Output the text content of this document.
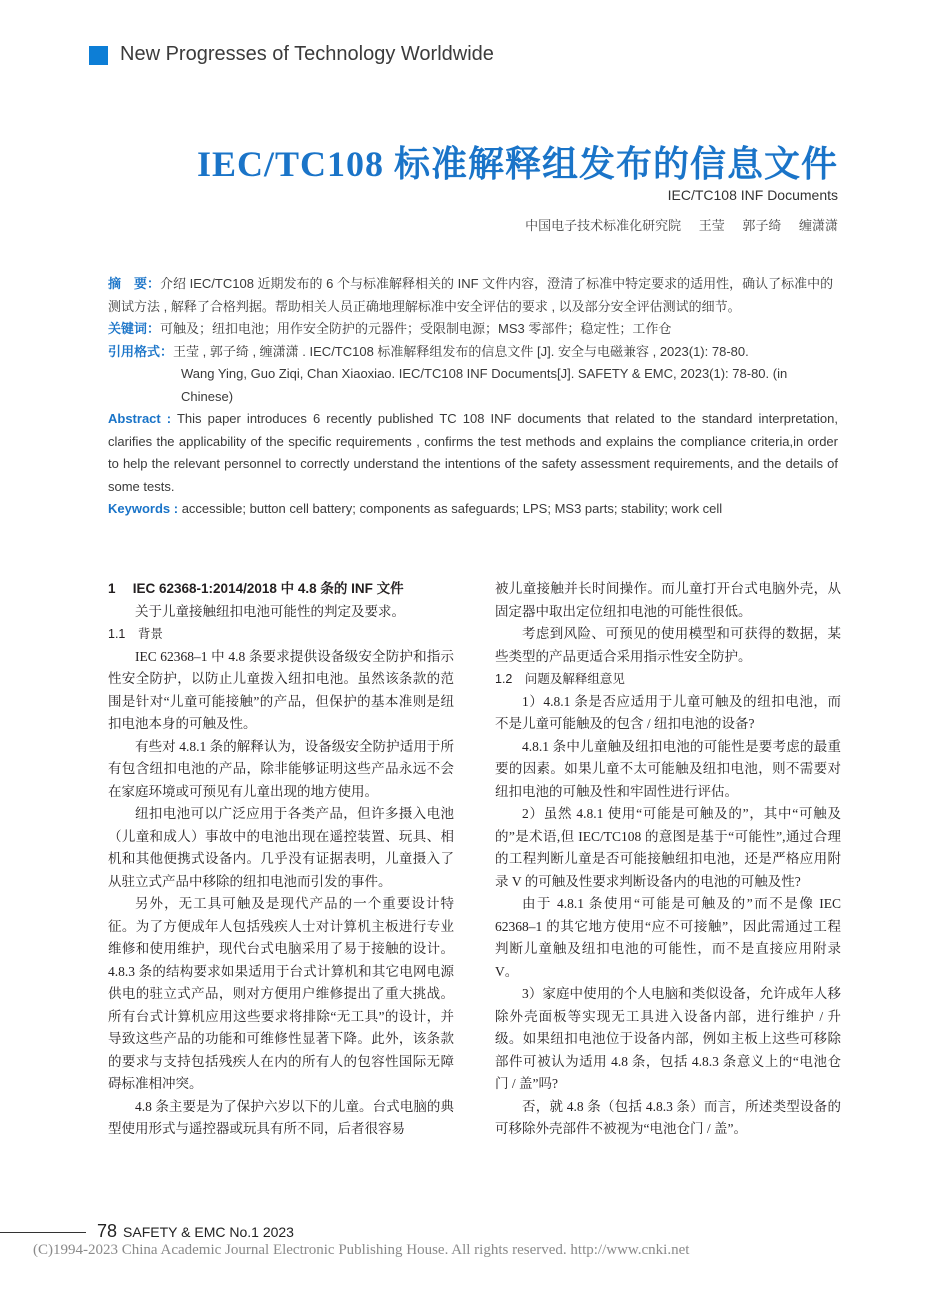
New Progresses of Technology Worldwide
IEC/TC108 标准解释组发布的信息文件
IEC/TC108 INF Documents
中国电子技术标准化研究院 王莹 郭子绮 缠潇潇

摘　要：介绍 IEC/TC108 近期发布的 6 个与标准解释相关的 INF 文件内容，澄清了标准中特定要求的适用性，确认了标准中的测试方法 , 解释了合格判据。帮助相关人员正确地理解标准中安全评估的要求 , 以及部分安全评估测试的细节。

关键词：可触及；纽扣电池；用作安全防护的元器件；受限制电源；MS3 零部件；稳定性；工作仓

引用格式：王莹 , 郭子绮 , 缠潇潇 . IEC/TC108 标准解释组发布的信息文件 [J]. 安全与电磁兼容 , 2023(1): 78-80.

Wang Ying, Guo Ziqi, Chan Xiaoxiao. IEC/TC108 INF Documents[J]. SAFETY & EMC, 2023(1): 78-80. (in Chinese)

Abstract : This paper introduces 6 recently published TC 108 INF documents that related to the standard interpretation, clarifies the applicability of the specific requirements , confirms the test methods and explains the compliance criteria,in order to help the relevant personnel to correctly understand the intentions of the safety assessment requirements, and the details of some tests.

Keywords : accessible; button cell battery; components as safeguards; LPS; MS3 parts; stability; work cell

1　 IEC 62368-1:2014/2018 中 4.8 条的 INF 文件

关于儿童接触纽扣电池可能性的判定及要求。

1.1　背景

IEC 62368–1 中 4.8 条要求提供设备级安全防护和指示性安全防护，以防止儿童拨入纽扣电池。虽然该条款的范围是针对“儿童可能接触”的产品，但保护的基本准则是纽扣电池本身的可触及性。

有些对 4.8.1 条的解释认为，设备级安全防护适用于所有包含纽扣电池的产品，除非能够证明这些产品永远不会在家庭环境或可预见有儿童出现的地方使用。

纽扣电池可以广泛应用于各类产品，但许多摄入电池（儿童和成人）事故中的电池出现在遥控装置、玩具、相机和其他便携式设备内。几乎没有证据表明，儿童摄入了从驻立式产品中移除的纽扣电池而引发的事件。

另外，无工具可触及是现代产品的一个重要设计特征。为了方便成年人包括残疾人士对计算机主板进行专业维修和使用维护，现代台式电脑采用了易于接触的设计。4.8.3 条的结构要求如果适用于台式计算机和其它电网电源供电的驻立式产品，则对方便用户维修提出了重大挑战。所有台式计算机应用这些要求将排除“无工具”的设计，并导致这些产品的功能和可维修性显著下降。此外，该条款的要求与支持包括残疾人在内的所有人的包容性国际无障碍标准相冲突。

4.8 条主要是为了保护六岁以下的儿童。台式电脑的典型使用形式与遥控器或玩具有所不同，后者很容易

被儿童接触并长时间操作。而儿童打开台式电脑外壳，从固定器中取出定位纽扣电池的可能性很低。

考虑到风险、可预见的使用模型和可获得的数据，某些类型的产品更适合采用指示性安全防护。

1.2　问题及解释组意见

1）4.8.1 条是否应适用于儿童可触及的纽扣电池，而不是儿童可能触及的包含 / 纽扣电池的设备?

4.8.1 条中儿童触及纽扣电池的可能性是要考虑的最重要的因素。如果儿童不太可能触及纽扣电池，则不需要对纽扣电池的可触及性和牢固性进行评估。

2）虽然 4.8.1 使用“可能是可触及的”，其中“可触及的”是术语,但 IEC/TC108 的意图是基于“可能性”,通过合理的工程判断儿童是否可能接触纽扣电池，还是严格应用附录 V 的可触及性要求判断设备内的电池的可触及性?

由于 4.8.1 条使用“可能是可触及的”而不是像 IEC 62368–1 的其它地方使用“应不可接触”，因此需通过工程判断儿童触及纽扣电池的可能性，而不是直接应用附录 V。

3）家庭中使用的个人电脑和类似设备，允许成年人移除外壳面板等实现无工具进入设备内部，进行维护 / 升级。如果纽扣电池位于设备内部，例如主板上这些可移除部件可被认为适用 4.8 条，包括 4.8.3 条意义上的“电池仓门 / 盖”吗?

否，就 4.8 条（包括 4.8.3 条）而言，所述类型设备的可移除外壳部件不被视为“电池仓门 / 盖”。

78 SAFETY & EMC No.1 2023
(C)1994-2023 China Academic Journal Electronic Publishing House. All rights reserved. http://www.cnki.net
